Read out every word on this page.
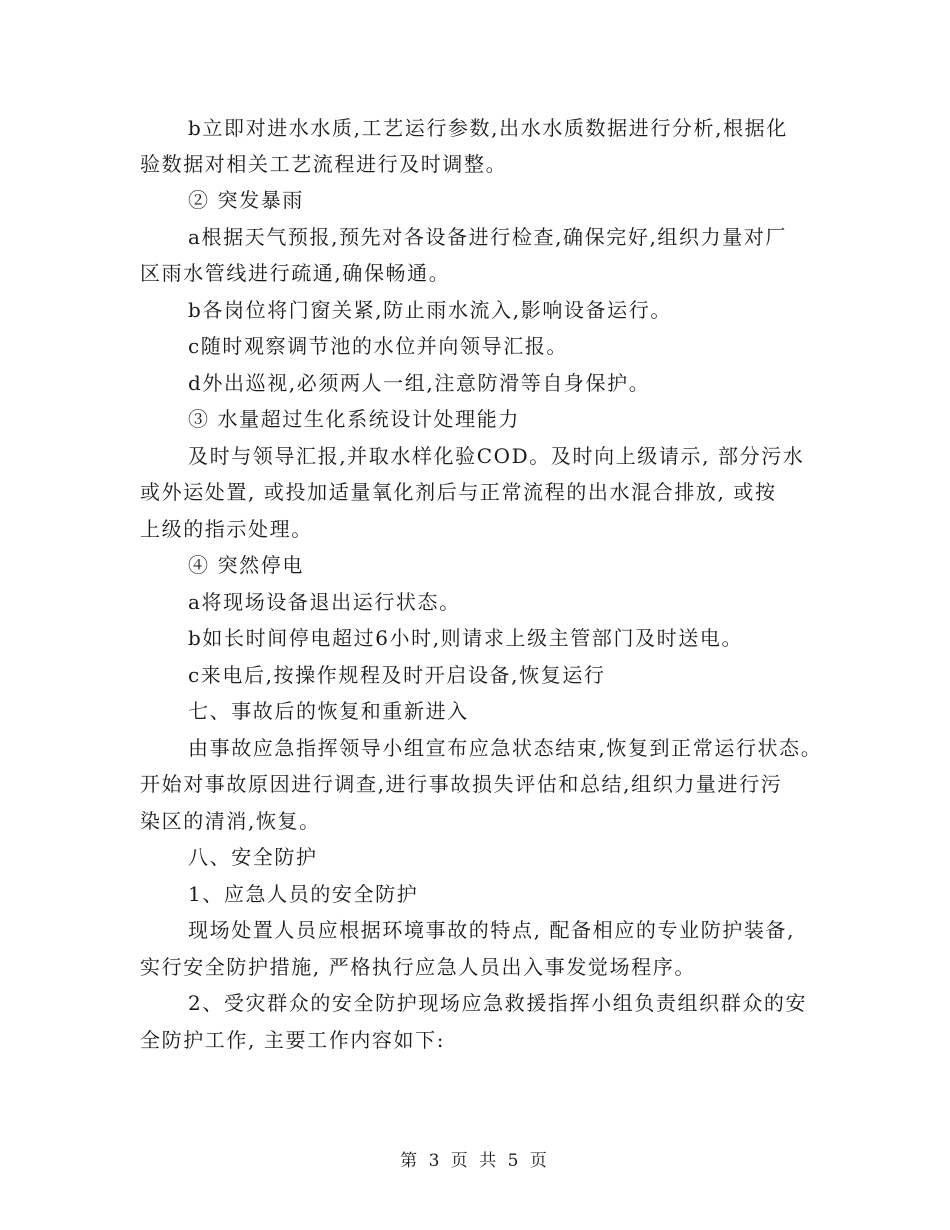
b立即对进水水质,工艺运行参数,出水水质数据进行分析,根据化
验数据对相关工艺流程进行及时调整。
② 突发暴雨
a根据天气预报,预先对各设备进行检查,确保完好,组织力量对厂
区雨水管线进行疏通,确保畅通。
b各岗位将门窗关紧,防止雨水流入,影响设备运行。
c随时观察调节池的水位并向领导汇报。
d外出巡视,必须两人一组,注意防滑等自身保护。
③ 水量超过生化系统设计处理能力
及时与领导汇报,并取水样化验COD。及时向上级请示, 部分污水
或外运处置, 或投加适量氧化剂后与正常流程的出水混合排放, 或按
上级的指示处理。
④ 突然停电
a将现场设备退出运行状态。
b如长时间停电超过6小时,则请求上级主管部门及时送电。
c来电后,按操作规程及时开启设备,恢复运行
七、事故后的恢复和重新进入
由事故应急指挥领导小组宣布应急状态结束,恢复到正常运行状态。
开始对事故原因进行调查,进行事故损失评估和总结,组织力量进行污
染区的清消,恢复。
八、安全防护
1、应急人员的安全防护
现场处置人员应根据环境事故的特点, 配备相应的专业防护装备,
实行安全防护措施, 严格执行应急人员出入事发觉场程序。
2、受灾群众的安全防护现场应急救援指挥小组负责组织群众的安
全防护工作, 主要工作内容如下:
第 3 页 共 5 页
